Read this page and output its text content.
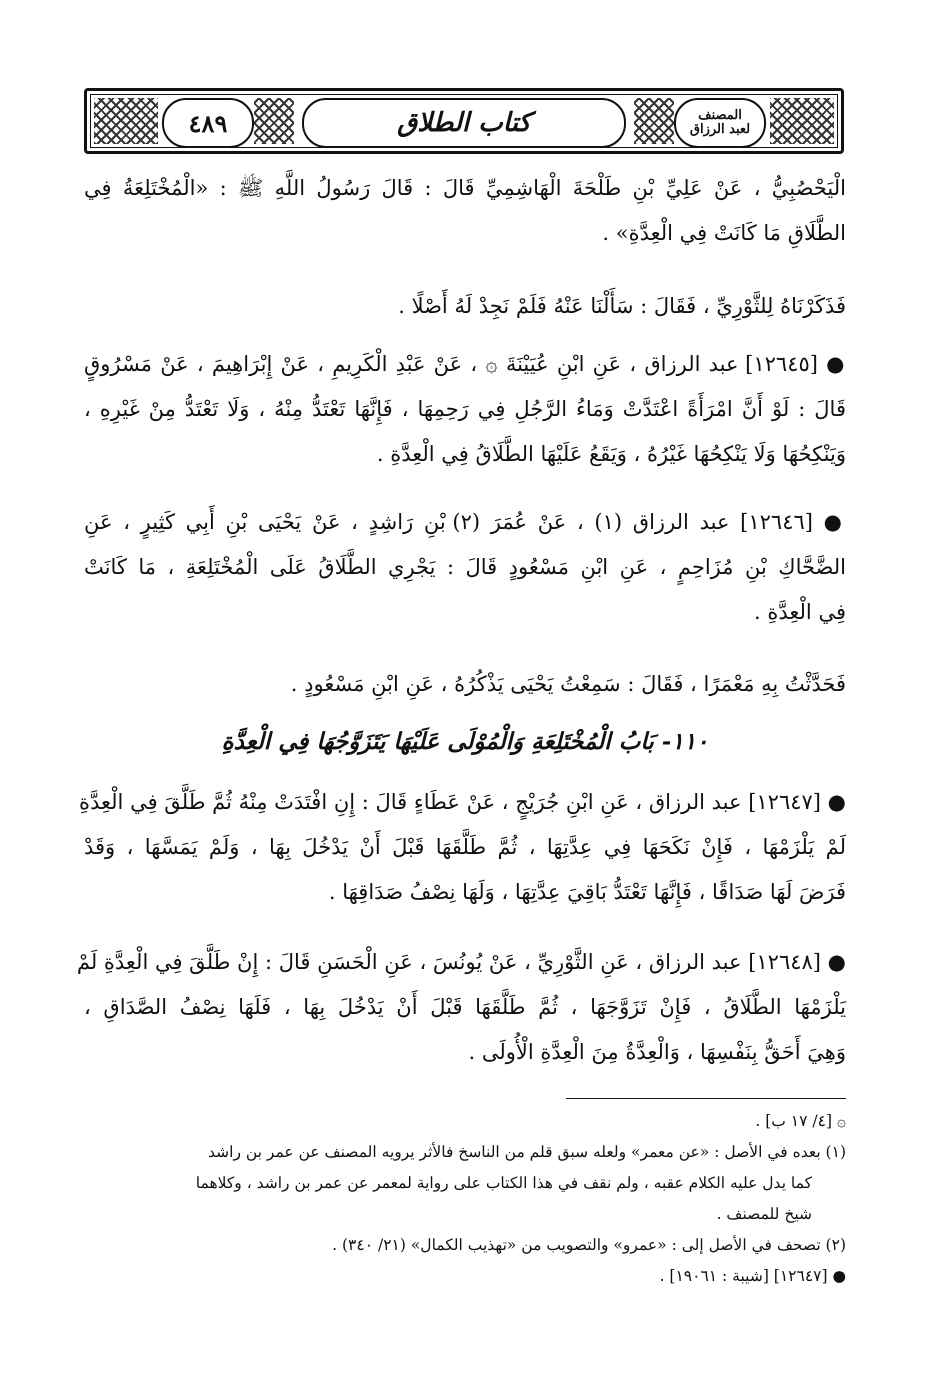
٤٨٩	كتاب الطلاق	المصنف
لعبد الرزاق
الْيَحْصُبِيُّ ، عَنْ عَلِيِّ بْنِ طَلْحَةَ الْهَاشِمِيِّ قَالَ : قَالَ رَسُولُ اللَّهِ ﷺ : «الْمُخْتَلِعَةُ فِي
الطَّلَاقِ مَا كَانَتْ فِي الْعِدَّةِ» .
فَذَكَرْنَاهُ لِلثَّوْرِيِّ ، فَقَالَ : سَأَلْنَا عَنْهُ فَلَمْ نَجِدْ لَهُ أَصْلًا .
● [١٢٦٤٥] عبد الرزاق ، عَنِ ابْنِ عُيَيْنَةَ ۞ ، عَنْ عَبْدِ الْكَرِيمِ ، عَنْ إِبْرَاهِيمَ ، عَنْ مَسْرُوقٍ
قَالَ : لَوْ أَنَّ امْرَأَةً اعْتَدَّتْ وَمَاءُ الرَّجُلِ فِي رَحِمِهَا ، فَإِنَّهَا تَعْتَدُّ مِنْهُ ، وَلَا تَعْتَدُّ مِنْ غَيْرِهِ ،
وَيَنْكِحُهَا وَلَا يَنْكِحُهَا غَيْرُهُ ، وَيَقَعُ عَلَيْهَا الطَّلَاقُ فِي الْعِدَّةِ .
● [١٢٦٤٦] عبد الرزاق (١) ، عَنْ عُمَرَ (٢) بْنِ رَاشِدٍ ، عَنْ يَحْيَى بْنِ أَبِي كَثِيرٍ ، عَنِ
الضَّحَّاكِ بْنِ مُزَاحِمٍ ، عَنِ ابْنِ مَسْعُودٍ قَالَ : يَجْرِي الطَّلَاقُ عَلَى الْمُخْتَلِعَةِ ، مَا كَانَتْ
فِي الْعِدَّةِ .
فَحَدَّثْتُ بِهِ مَعْمَرًا ، فَقَالَ : سَمِعْتُ يَحْيَى يَذْكُرُهُ ، عَنِ ابْنِ مَسْعُودٍ .
١١٠- بَابُ الْمُخْتَلِعَةِ وَالْمُوْلَى عَلَيْهَا يَتَزَوَّجُهَا فِي الْعِدَّةِ
● [١٢٦٤٧] عبد الرزاق ، عَنِ ابْنِ جُرَيْجٍ ، عَنْ عَطَاءٍ قَالَ : إِنِ افْتَدَتْ مِنْهُ ثُمَّ طَلَّقَ فِي الْعِدَّةِ
لَمْ يَلْزَمْهَا ، فَإِنْ نَكَحَهَا فِي عِدَّتِهَا ، ثُمَّ طَلَّقَهَا قَبْلَ أَنْ يَدْخُلَ بِهَا ، وَلَمْ يَمَسَّهَا ، وَقَدْ
فَرَضَ لَهَا صَدَاقًا ، فَإِنَّهَا تَعْتَدُّ بَاقِيَ عِدَّتِهَا ، وَلَهَا نِصْفُ صَدَاقِهَا .
● [١٢٦٤٨] عبد الرزاق ، عَنِ الثَّوْرِيِّ ، عَنْ يُونُسَ ، عَنِ الْحَسَنِ قَالَ : إِنْ طَلَّقَ فِي الْعِدَّةِ لَمْ
يَلْزَمْهَا الطَّلَاقُ ، فَإِنْ تَزَوَّجَهَا ، ثُمَّ طَلَّقَهَا قَبْلَ أَنْ يَدْخُلَ بِهَا ، فَلَهَا نِصْفُ الصَّدَاقِ ،
وَهِيَ أَحَقُّ بِنَفْسِهَا ، وَالْعِدَّةُ مِنَ الْعِدَّةِ الْأُولَى .
۞ [٤/ ١٧ ب] .
(١) بعده في الأصل : «عن معمر» ولعله سبق قلم من الناسخ فالأثر يرويه المصنف عن عمر بن راشد
كما يدل عليه الكلام عقبه ، ولم نقف في هذا الكتاب على رواية لمعمر عن عمر بن راشد ، وكلاهما
شيخ للمصنف .
(٢) تصحف في الأصل إلى : «عمرو» والتصويب من «تهذيب الكمال» (٢١/ ٣٤٠) .
● [١٢٦٤٧] [شيبة : ١٩٠٦١] .
